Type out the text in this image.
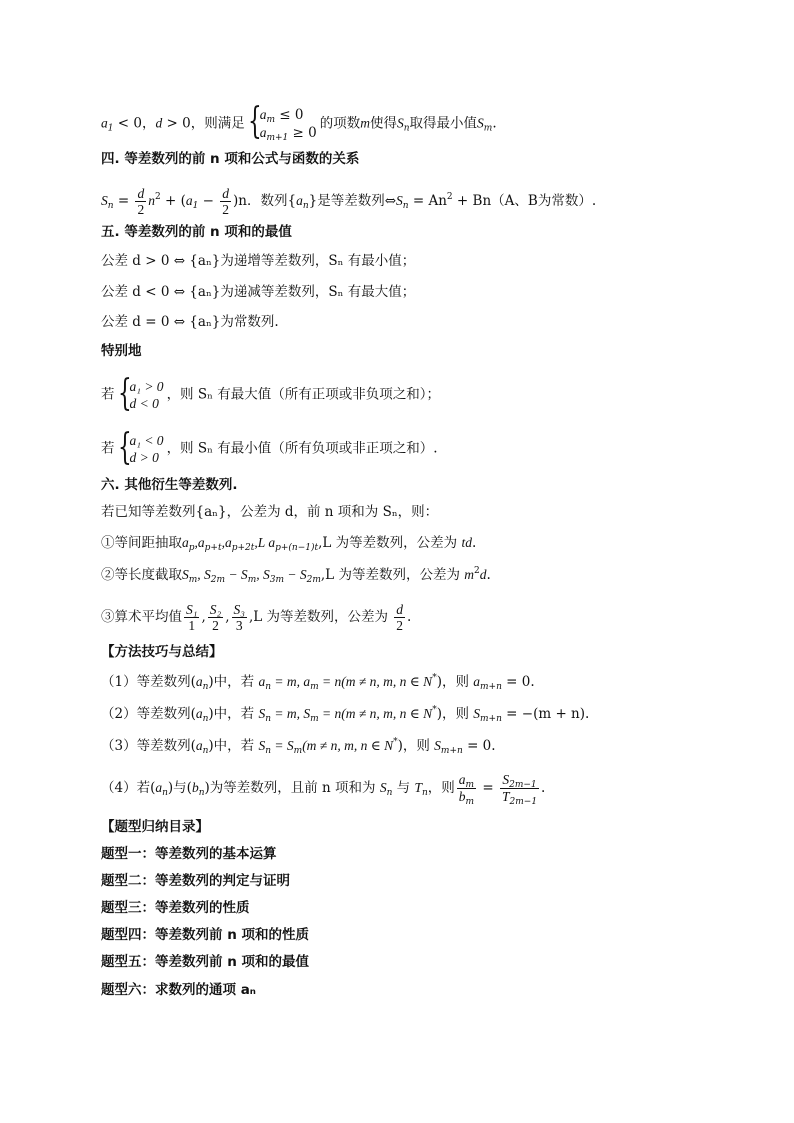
$a_1 < 0$，d > 0，则满足 {
$a_m \le 0$
$a_{m+1} \ge 0$
的项数m使得$S_n$取得最小值$S_m$.
四. 等差数列的前 n 项和公式与函数的关系
$S_n = \frac{d}{2} n^2 + (a_1 - \frac{d}{2} )n$．数列$\{a_n\}$是等差数列$\Leftrightarrow S_n = An^2 + Bn(A$、B为常数）.
五. 等差数列的前 n 项和的最值
公差 d > 0 ⇔ {aₙ}为递增等差数列，Sₙ 有最小值；
公差 d < 0 ⇔ {aₙ}为递减等差数列，Sₙ 有最大值；
公差 d = 0 ⇔ {aₙ}为常数列.
特别地
若 {
a₁ > 0
d < 0
，则 Sₙ 有最大值（所有正项或非负项之和）；
若 {
a₁ < 0
d > 0
，则 Sₙ 有最小值（所有负项或非正项之和）.
六. 其他衍生等差数列.
若已知等差数列{aₙ}，公差为 d，前 n 项和为 Sₙ，则：
①等间距抽取$a_p,a_{p+t},a_{p+2t},L$ $a_{p+(n-1)t},L$ 为等差数列，公差为 td.
②等长度截取$S_m$, $S_{2m} - S_m$, $S_{3m} - S_{2m},L$ 为等差数列，公差为 $m^2d$.
③算术平均值 $\frac{\text{S₁}}{1}$ , $\frac{\text{S₂}}{2}$ , $\frac{\text{S₃}}{3} ,L$ 为等差数列，公差为 $\frac{d}{2}$ .
【方法技巧与总结】
（1）等差数列$(a_n)$中，若 $a_n = m$, $a_m = n(m \ne n$, m, n ∈ N*)，则 $a_{m+n} = 0$.
（2）等差数列$(a_n)$中，若 $S_n = m$, $S_m = n(m \ne n$, m, n ∈ N*)，则 $S_{m+n} = -(m + n)$.
（3）等差数列$(a_n)$中，若 $S_n = S_m(m \ne n$, m, n ∈ N*)，则 $S_{m+n} = 0$.
（4）若$(a_n)$与$(b_n)$为等差数列，且前 n 项和为 $S_n$ 与 $T_n$，则 $\frac{a_m}{b_m} = \frac{S_{2m-1}}{T_{2m-1}}$ .
【题型归纳目录】
题型一：等差数列的基本运算
题型二：等差数列的判定与证明
题型三：等差数列的性质
题型四：等差数列前 n 项和的性质
题型五：等差数列前 n 项和的最值
题型六：求数列的通项 aₙ
